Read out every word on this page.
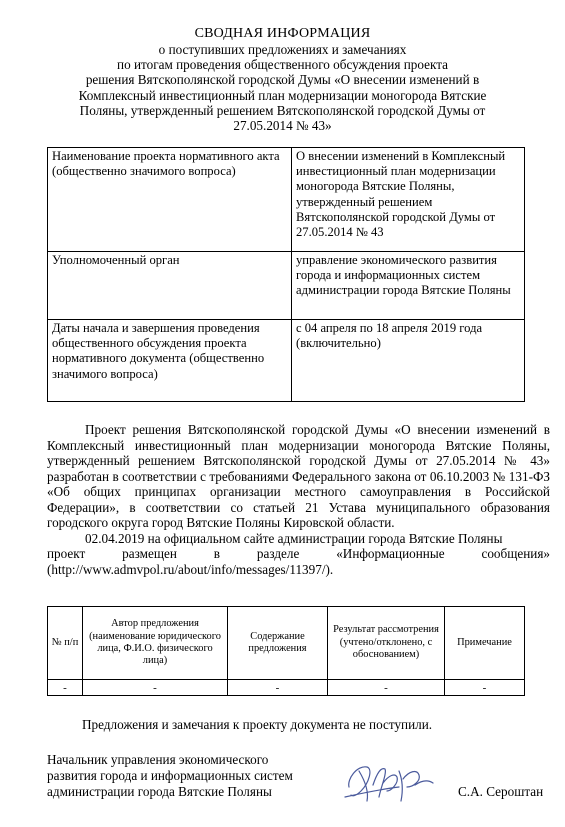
СВОДНАЯ ИНФОРМАЦИЯ
о поступивших предложениях и замечаниях
по итогам проведения общественного обсуждения проекта
решения Вятскополянской городской Думы «О внесении изменений в
Комплексный инвестиционный план модернизации моногорода Вятские
Поляны, утвержденный решением Вятскополянской городской Думы от
27.05.2014 № 43»
Наименование проекта нормативного акта (общественно значимого вопроса)	О внесении изменений в Комплексный инвестиционный план модернизации моногорода Вятские Поляны, утвержденный решением Вятскополянской городской Думы от 27.05.2014 № 43
Уполномоченный орган	управление экономического развития города и информационных систем администрации города Вятские Поляны
Даты начала и завершения проведения общественного обсуждения проекта нормативного документа (общественно значимого вопроса)	с 04 апреля по 18 апреля 2019 года (включительно)

Проект решения Вятскополянской городской Думы «О внесении изменений в Комплексный инвестиционный план модернизации моногорода Вятские Поляны, утвержденный решением Вятскополянской городской Думы от 27.05.2014 № 43» разработан в соответствии с требованиями Федерального закона от 06.10.2003 № 131-ФЗ «Об общих принципах организации местного самоуправления в Российской Федерации», в соответствии со статьей 21 Устава муниципального образования городского округа город Вятские Поляны Кировской области.

02.04.2019 на официальном сайте администрации города Вятские Поляны

проект размещен в разделе «Информационные сообщения»

(http://www.admvpol.ru/about/info/messages/11397/).

№ п/п	Автор предложения (наименование юридического лица, Ф.И.О. физического лица)	Содержание предложения	Результат рассмотрения (учтено/отклонено, с обоснованием)	Примечание
-	-	-	-	-
Предложения и замечания к проекту документа не поступили.
Начальник управления экономического
развития города и информационных систем
администрации города Вятские Поляны	С.А. Сероштан
